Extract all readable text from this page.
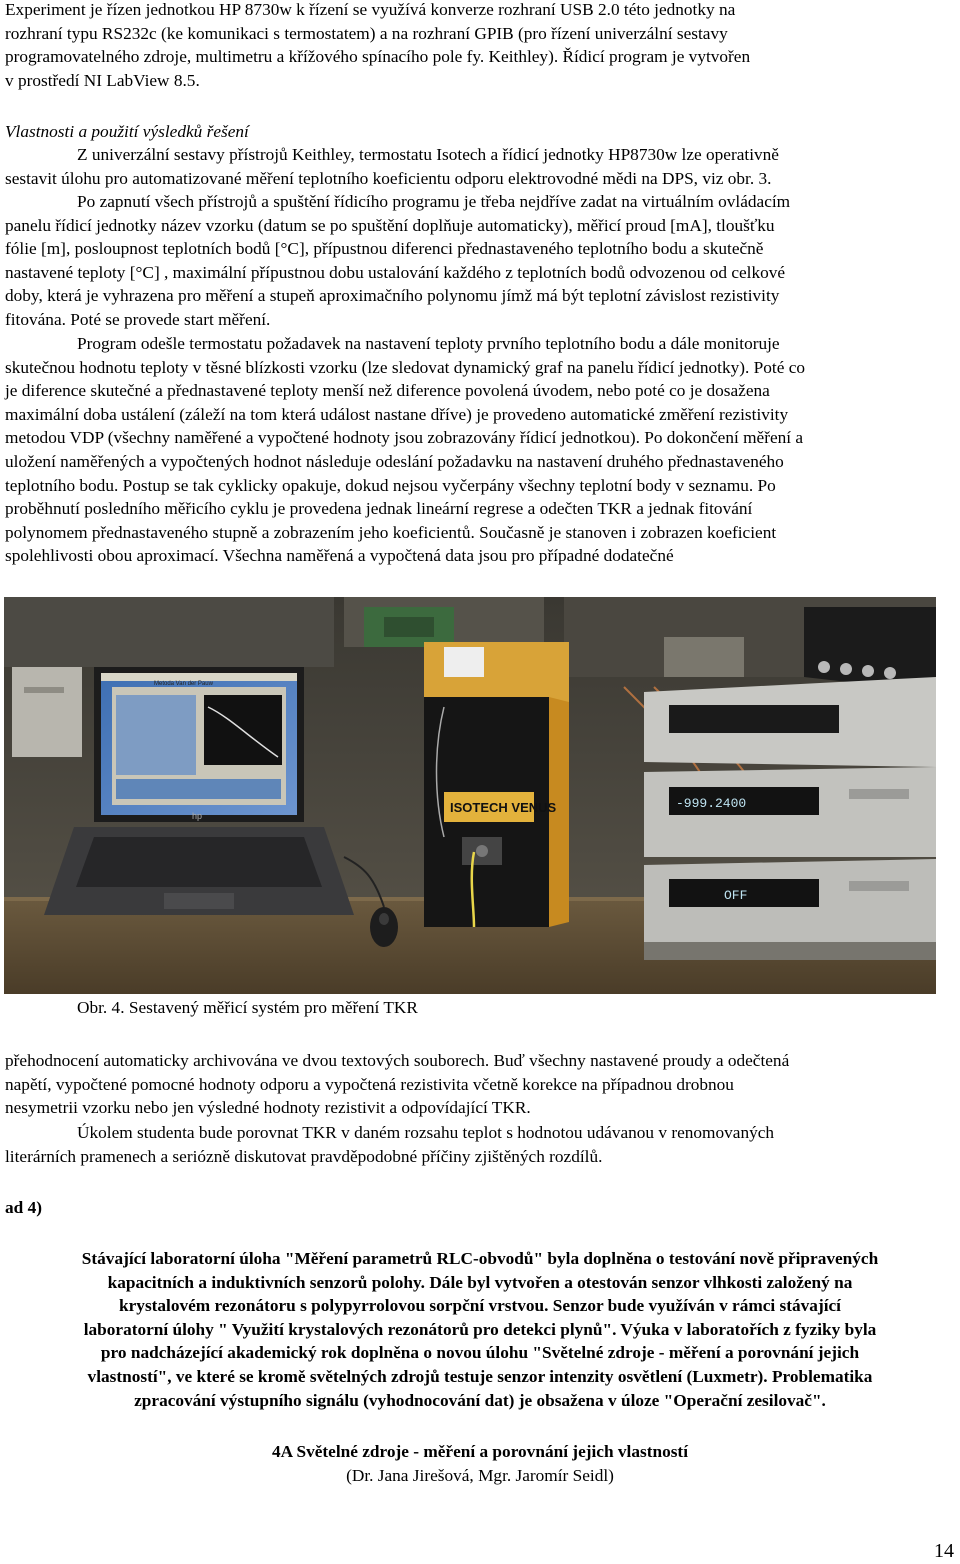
Experiment je řízen jednotkou HP 8730w k řízení se využívá konverze rozhraní USB 2.0 této jednotky na
rozhraní typu RS232c (ke komunikaci s termostatem) a na rozhraní GPIB (pro řízení univerzální sestavy
programovatelného zdroje, multimetru a křížového spínacího pole fy. Keithley). Řídicí program je vytvořen
v prostředí NI LabView 8.5.
Vlastnosti a použití výsledků řešení
Z univerzální sestavy přístrojů Keithley, termostatu Isotech a řídicí jednotky HP8730w lze operativně
sestavit úlohu pro automatizované měření teplotního koeficientu odporu elektrovodné mědi na DPS, viz obr. 3.
Po zapnutí všech přístrojů a spuštění řídicího programu je třeba nejdříve zadat na virtuálním ovládacím
panelu řídicí jednotky název vzorku (datum se po spuštění doplňuje automaticky), měřicí proud [mA], tloušťku
fólie [m], posloupnost teplotních bodů [°C], přípustnou diferenci přednastaveného teplotního bodu a skutečně
nastavené teploty [°C] , maximální přípustnou dobu ustalování každého z teplotních bodů odvozenou od celkové
doby, která je vyhrazena pro měření a stupeň aproximačního polynomu jímž má být teplotní závislost rezistivity
fitována. Poté se provede start měření.
Program odešle termostatu požadavek na nastavení teploty prvního teplotního bodu a dále monitoruje
skutečnou hodnotu teploty v těsné blízkosti vzorku (lze sledovat dynamický graf na panelu řídicí jednotky). Poté co
je diference skutečné a přednastavené teploty menší než diference povolená úvodem, nebo poté co je dosažena
maximální doba ustálení (záleží na tom která událost nastane dříve) je provedeno automatické změření rezistivity
metodou VDP (všechny naměřené a vypočtené hodnoty jsou zobrazovány řídicí jednotkou). Po dokončení měření a
uložení naměřených a vypočtených hodnot následuje odeslání požadavku na nastavení druhého přednastaveného
teplotního bodu. Postup se tak cyklicky opakuje, dokud nejsou vyčerpány všechny teplotní body v seznamu. Po
proběhnutí posledního měřicího cyklu je provedena jednak lineární regrese a odečten TKR a jednak fitování
polynomem přednastaveného stupně a zobrazením jeho koeficientů. Současně je stanoven i zobrazen koeficient
spolehlivosti obou aproximací. Všechna naměřená a vypočtená data jsou pro případné dodatečné
Metoda Van der Pauw
hp
ISOTECH VENUS	-999.2400
OFF
Obr. 4. Sestavený měřicí systém pro měření TKR
přehodnocení automaticky archivována ve dvou textových souborech. Buď všechny nastavené proudy a odečtená
napětí, vypočtené pomocné hodnoty odporu a vypočtená rezistivita včetně korekce na případnou drobnou
nesymetrii vzorku nebo jen výsledné hodnoty rezistivit a odpovídající TKR.
Úkolem studenta bude porovnat TKR v daném rozsahu teplot s hodnotou udávanou v renomovaných
literárních pramenech a seriózně diskutovat pravděpodobné příčiny zjištěných rozdílů.
ad 4)
Stávající laboratorní úloha "Měření parametrů RLC-obvodů" byla doplněna o testování nově připravených
kapacitních a induktivních senzorů polohy. Dále byl vytvořen a otestován senzor vlhkosti založený na
krystalovém rezonátoru s polypyrrolovou sorpční vrstvou. Senzor bude využíván v rámci stávající
laboratorní úlohy " Využití krystalových rezonátorů pro detekci plynů". Výuka v laboratořích z fyziky byla
pro nadcházející akademický rok doplněna o novou úlohu "Světelné zdroje - měření a porovnání jejich
vlastností", ve které se kromě světelných zdrojů testuje senzor intenzity osvětlení (Luxmetr). Problematika
zpracování výstupního signálu (vyhodnocování dat) je obsažena v úloze "Operační zesilovač".
4A Světelné zdroje - měření a porovnání jejich vlastností
(Dr. Jana Jirešová, Mgr. Jaromír Seidl)
14
